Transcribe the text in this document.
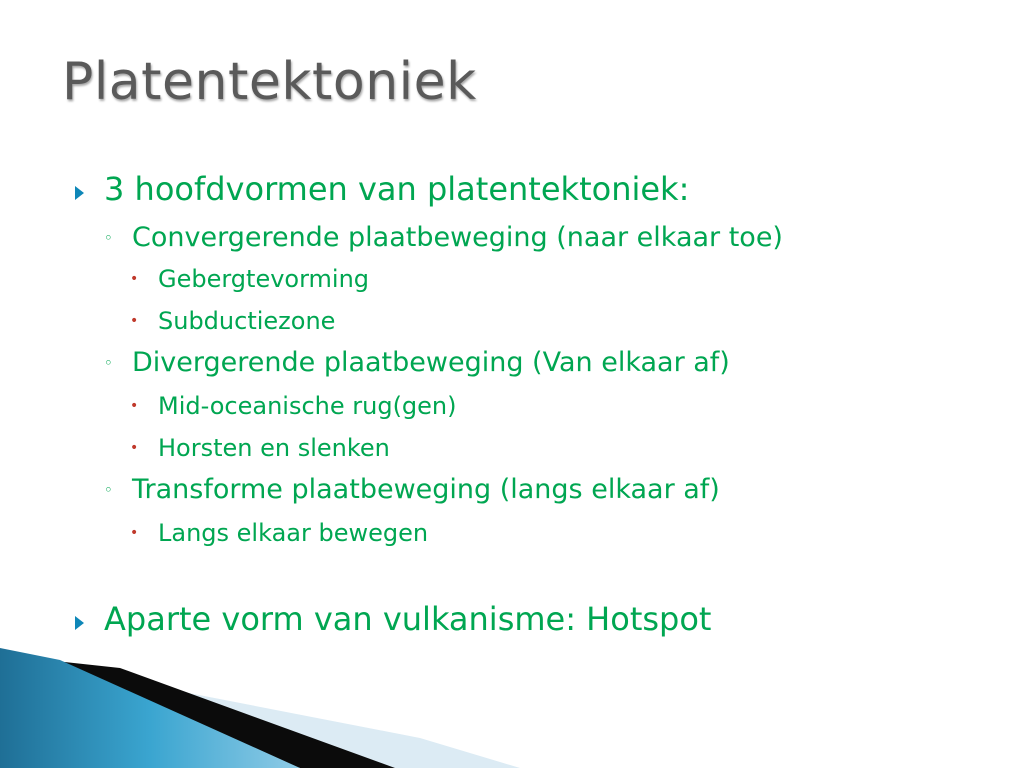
Platentektoniek
3 hoofdvormen van platentektoniek:
◦ Convergerende plaatbeweging (naar elkaar toe)
• Gebergtevorming
• Subductiezone
◦ Divergerende plaatbeweging (Van elkaar af)
• Mid-oceanische rug(gen)
• Horsten en slenken
◦ Transforme plaatbeweging (langs elkaar af)
• Langs elkaar bewegen
Aparte vorm van vulkanisme: Hotspot
